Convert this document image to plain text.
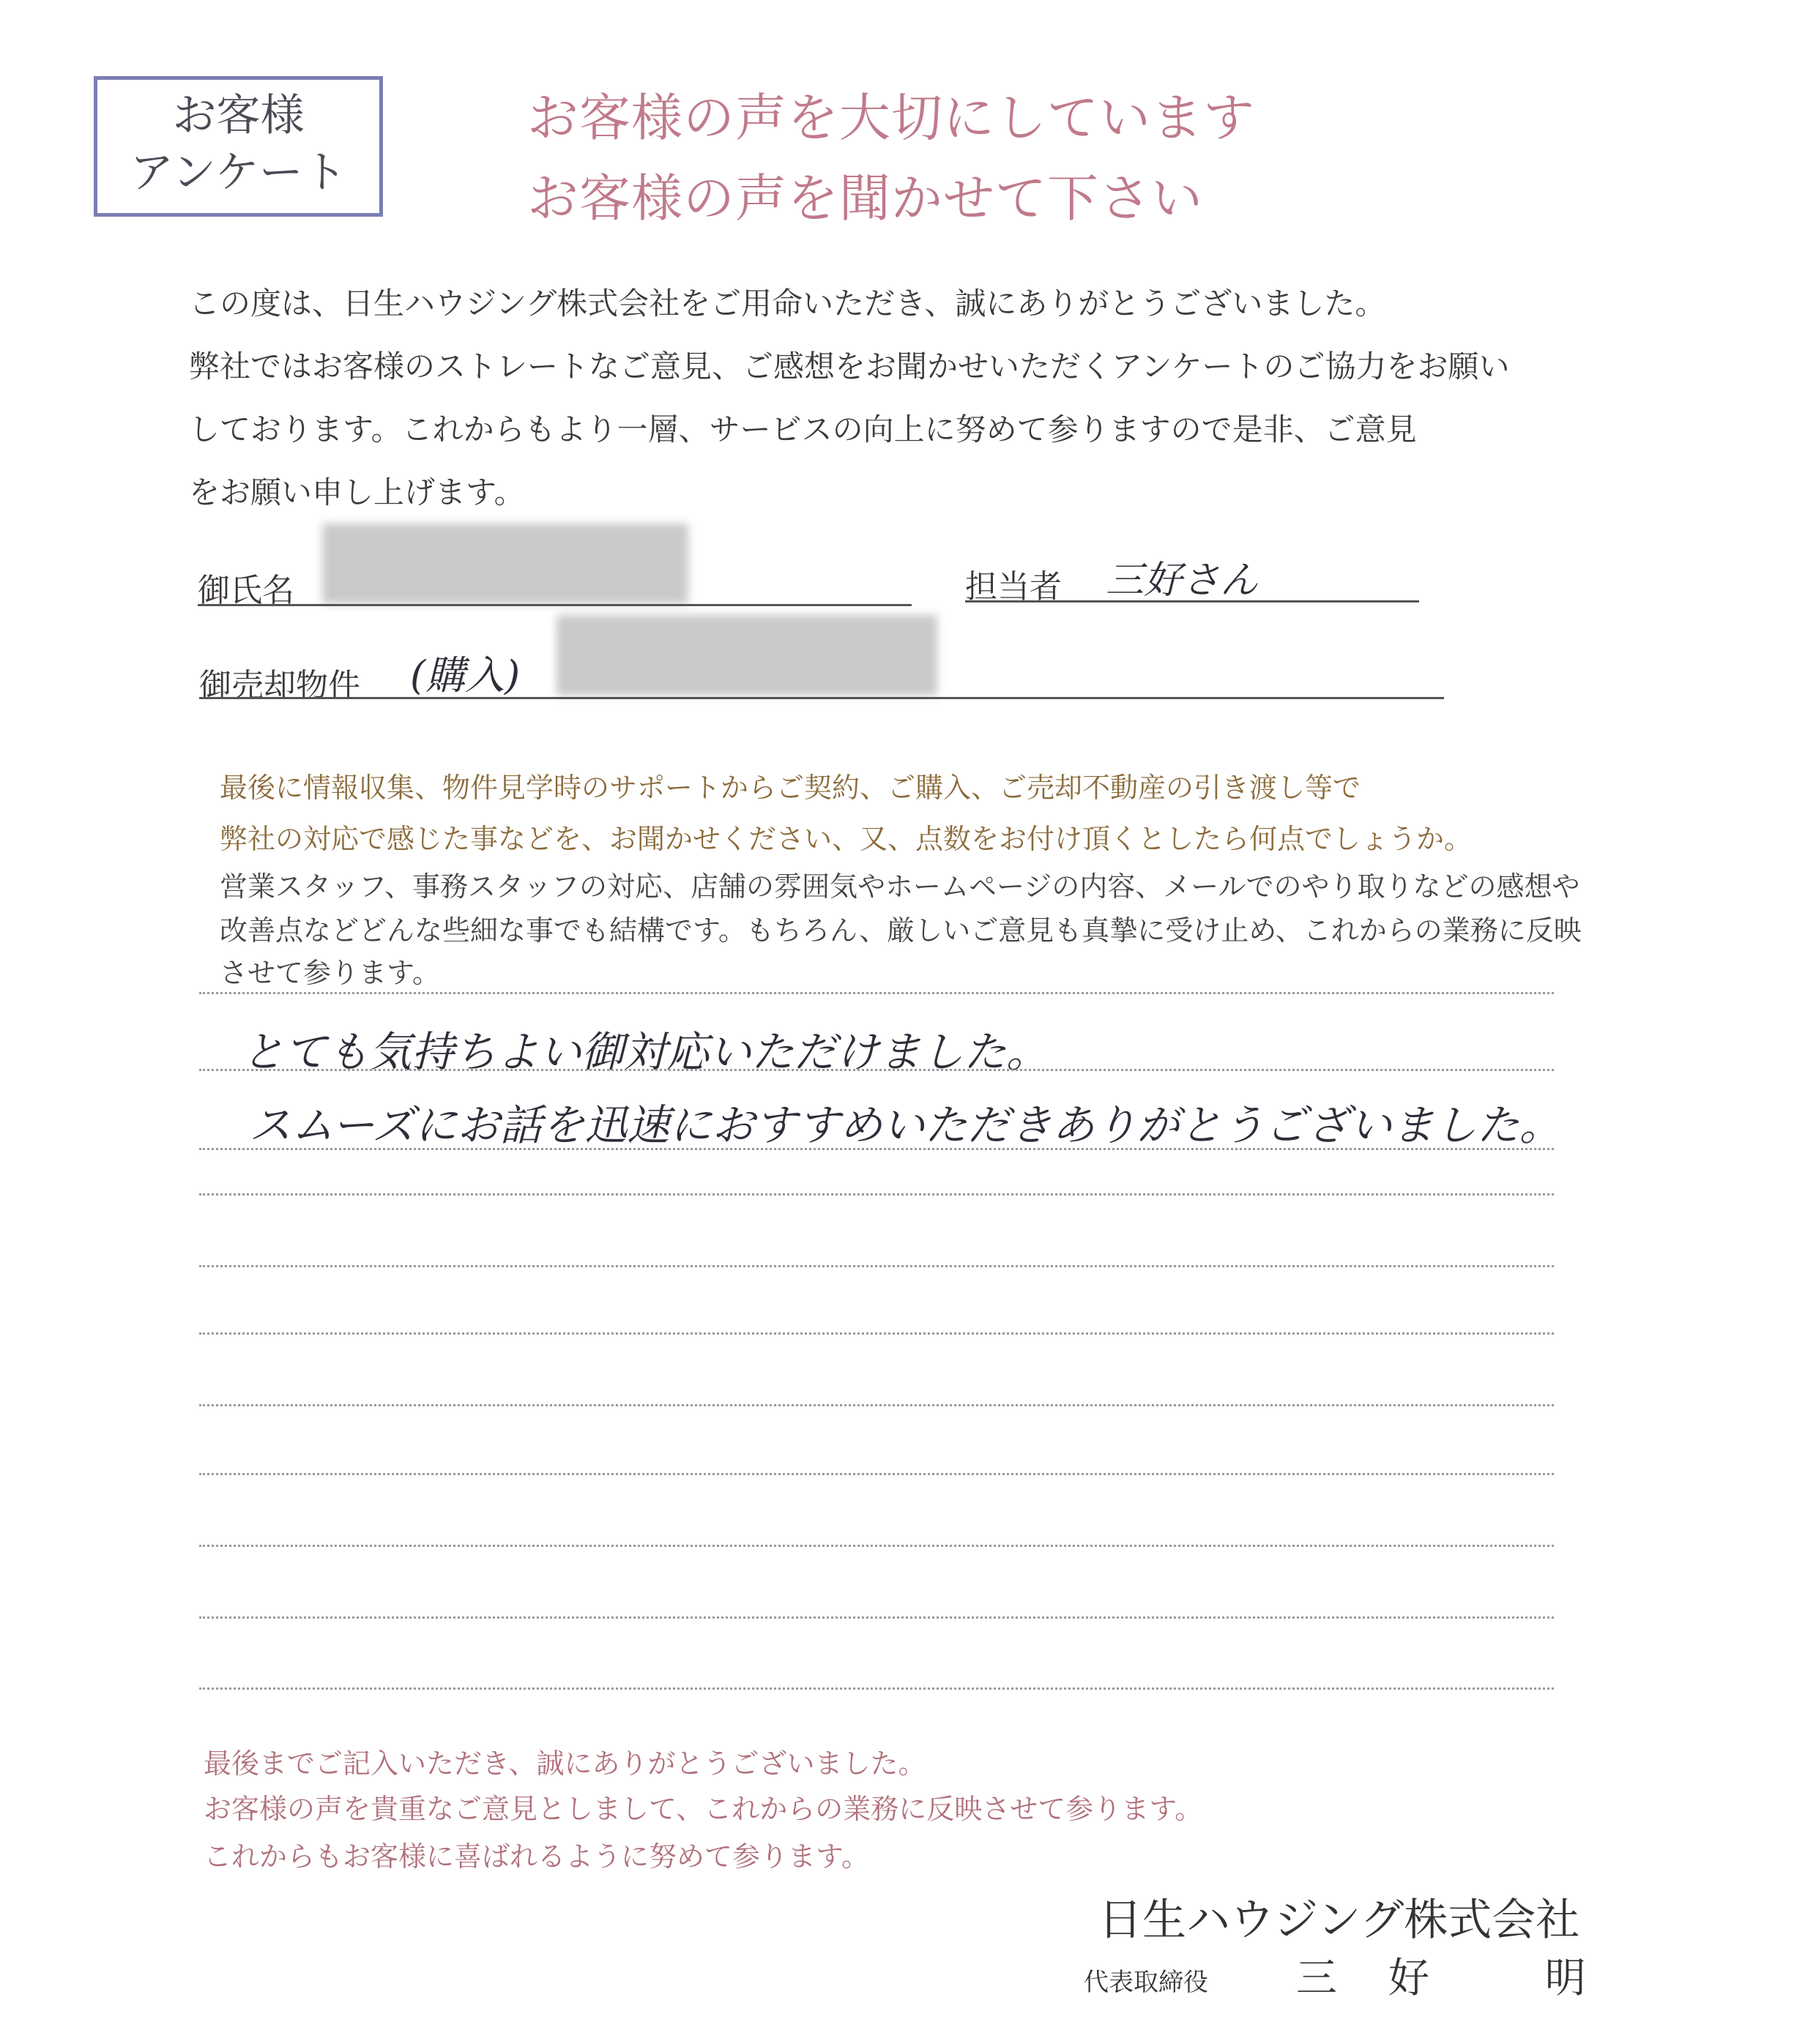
お客様
アンケート
お客様の声を大切にしています
お客様の声を聞かせて下さい
この度は、日生ハウジング株式会社をご用命いただき、誠にありがとうございました。
弊社ではお客様のストレートなご意見、ご感想をお聞かせいただくアンケートのご協力をお願い
しております。これからもより一層、サービスの向上に努めて参りますので是非、ご意見
をお願い申し上げます。
御氏名	担当者 三好さん
御売却物件 (購入)
最後に情報収集、物件見学時のサポートからご契約、ご購入、ご売却不動産の引き渡し等で
弊社の対応で感じた事などを、お聞かせください、又、点数をお付け頂くとしたら何点でしょうか。
営業スタッフ、事務スタッフの対応、店舗の雰囲気やホームページの内容、メールでのやり取りなどの感想や
改善点などどんな些細な事でも結構です。もちろん、厳しいご意見も真摯に受け止め、これからの業務に反映
させて参ります。
とても気持ちよい御対応いただけました。
スムーズにお話を迅速におすすめいただきありがとうございました。
最後までご記入いただき、誠にありがとうございました。
お客様の声を貴重なご意見としまして、これからの業務に反映させて参ります。
これからもお客様に喜ばれるように努めて参ります。
日生ハウジング株式会社
代表取締役 三好 明
